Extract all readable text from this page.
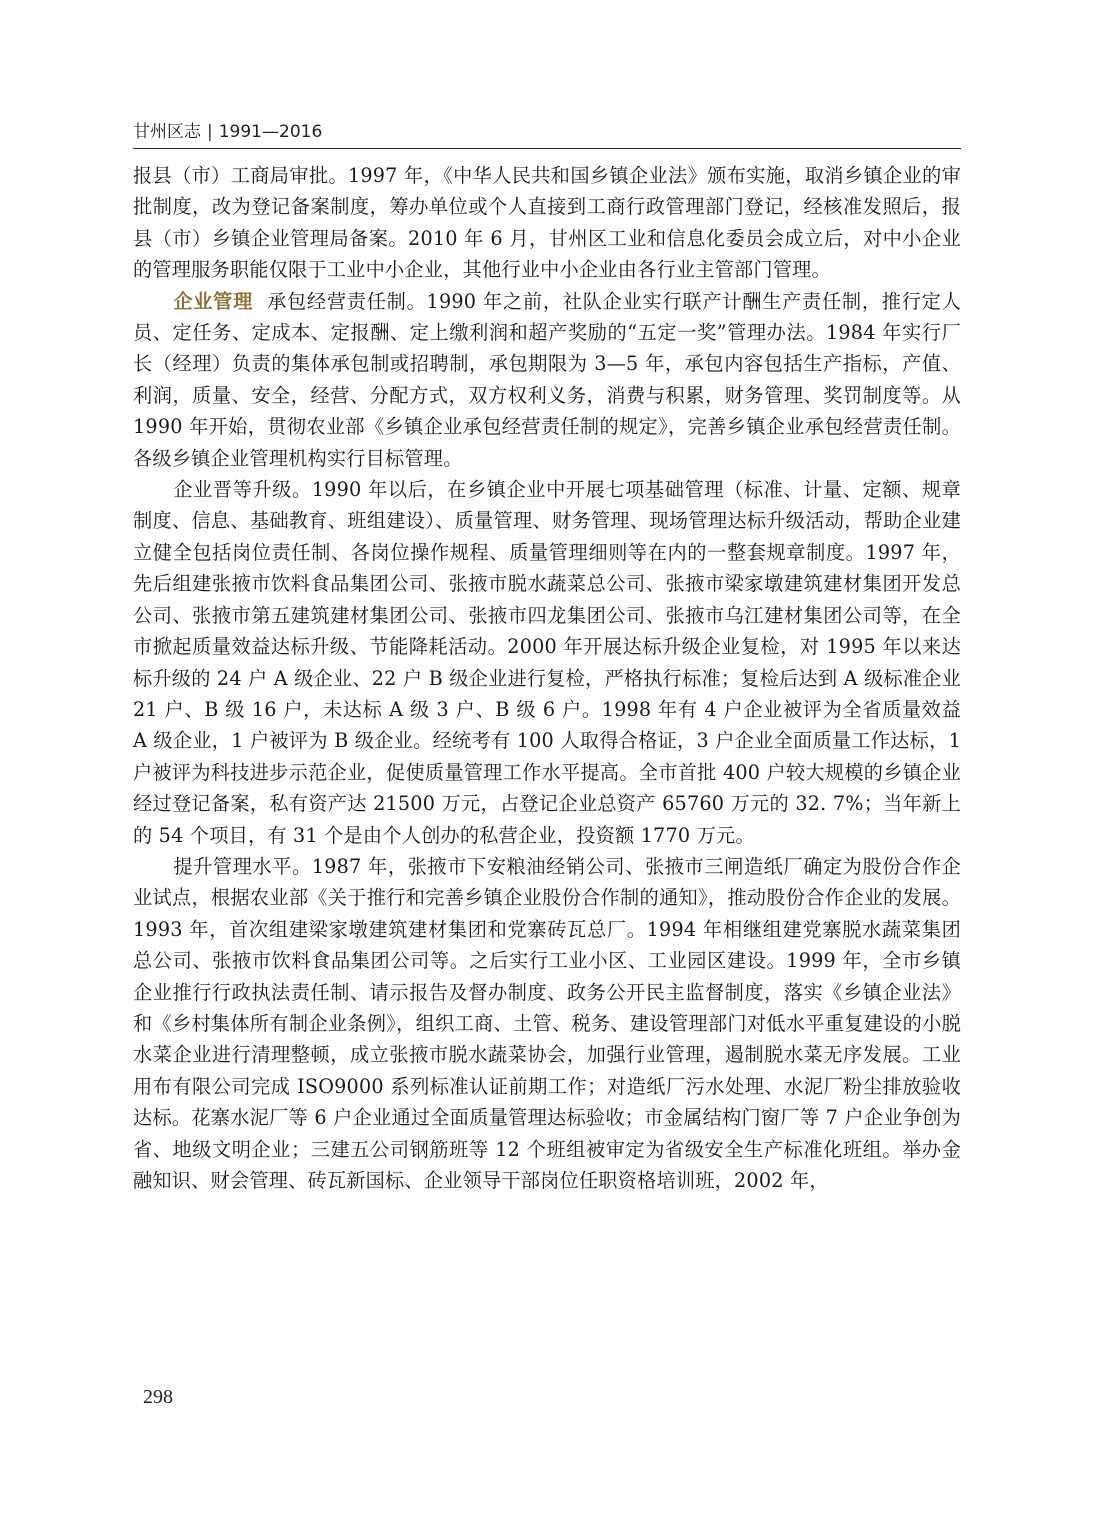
甘州区志 | 1991—2016

报县（市）工商局审批。1997 年，《中华人民共和国乡镇企业法》颁布实施，取消乡镇企业的审批制度，改为登记备案制度，筹办单位或个人直接到工商行政管理部门登记，经核准发照后，报县（市）乡镇企业管理局备案。2010 年 6 月，甘州区工业和信息化委员会成立后，对中小企业的管理服务职能仅限于工业中小企业，其他行业中小企业由各行业主管部门管理。

企业管理 承包经营责任制。1990 年之前，社队企业实行联产计酬生产责任制，推行定人员、定任务、定成本、定报酬、定上缴利润和超产奖励的“五定一奖”管理办法。1984 年实行厂长（经理）负责的集体承包制或招聘制，承包期限为 3—5 年，承包内容包括生产指标，产值、利润，质量、安全，经营、分配方式，双方权利义务，消费与积累，财务管理、奖罚制度等。从 1990 年开始，贯彻农业部《乡镇企业承包经营责任制的规定》，完善乡镇企业承包经营责任制。各级乡镇企业管理机构实行目标管理。

企业晋等升级。1990 年以后，在乡镇企业中开展七项基础管理（标准、计量、定额、规章制度、信息、基础教育、班组建设）、质量管理、财务管理、现场管理达标升级活动，帮助企业建立健全包括岗位责任制、各岗位操作规程、质量管理细则等在内的一整套规章制度。1997 年，先后组建张掖市饮料食品集团公司、张掖市脱水蔬菜总公司、张掖市梁家墩建筑建材集团开发总公司、张掖市第五建筑建材集团公司、张掖市四龙集团公司、张掖市乌江建材集团公司等，在全市掀起质量效益达标升级、节能降耗活动。2000 年开展达标升级企业复检，对 1995 年以来达标升级的 24 户 A 级企业、22 户 B 级企业进行复检，严格执行标准；复检后达到 A 级标准企业 21 户、B 级 16 户，未达标 A 级 3 户、B 级 6 户。1998 年有 4 户企业被评为全省质量效益 A 级企业，1 户被评为 B 级企业。经统考有 100 人取得合格证，3 户企业全面质量工作达标，1 户被评为科技进步示范企业，促使质量管理工作水平提高。全市首批 400 户较大规模的乡镇企业经过登记备案，私有资产达 21500 万元，占登记企业总资产 65760 万元的 32. 7%；当年新上的 54 个项目，有 31 个是由个人创办的私营企业，投资额 1770 万元。

提升管理水平。1987 年，张掖市下安粮油经销公司、张掖市三闸造纸厂确定为股份合作企业试点，根据农业部《关于推行和完善乡镇企业股份合作制的通知》，推动股份合作企业的发展。1993 年，首次组建梁家墩建筑建材集团和党寨砖瓦总厂。1994 年相继组建党寨脱水蔬菜集团总公司、张掖市饮料食品集团公司等。之后实行工业小区、工业园区建设。1999 年，全市乡镇企业推行行政执法责任制、请示报告及督办制度、政务公开民主监督制度，落实《乡镇企业法》和《乡村集体所有制企业条例》，组织工商、土管、税务、建设管理部门对低水平重复建设的小脱水菜企业进行清理整顿，成立张掖市脱水蔬菜协会，加强行业管理，遏制脱水菜无序发展。工业用布有限公司完成 ISO9000 系列标准认证前期工作；对造纸厂污水处理、水泥厂粉尘排放验收达标。花寨水泥厂等 6 户企业通过全面质量管理达标验收；市金属结构门窗厂等 7 户企业争创为省、地级文明企业；三建五公司钢筋班等 12 个班组被审定为省级安全生产标准化班组。举办金融知识、财会管理、砖瓦新国标、企业领导干部岗位任职资格培训班，2002 年，

298
